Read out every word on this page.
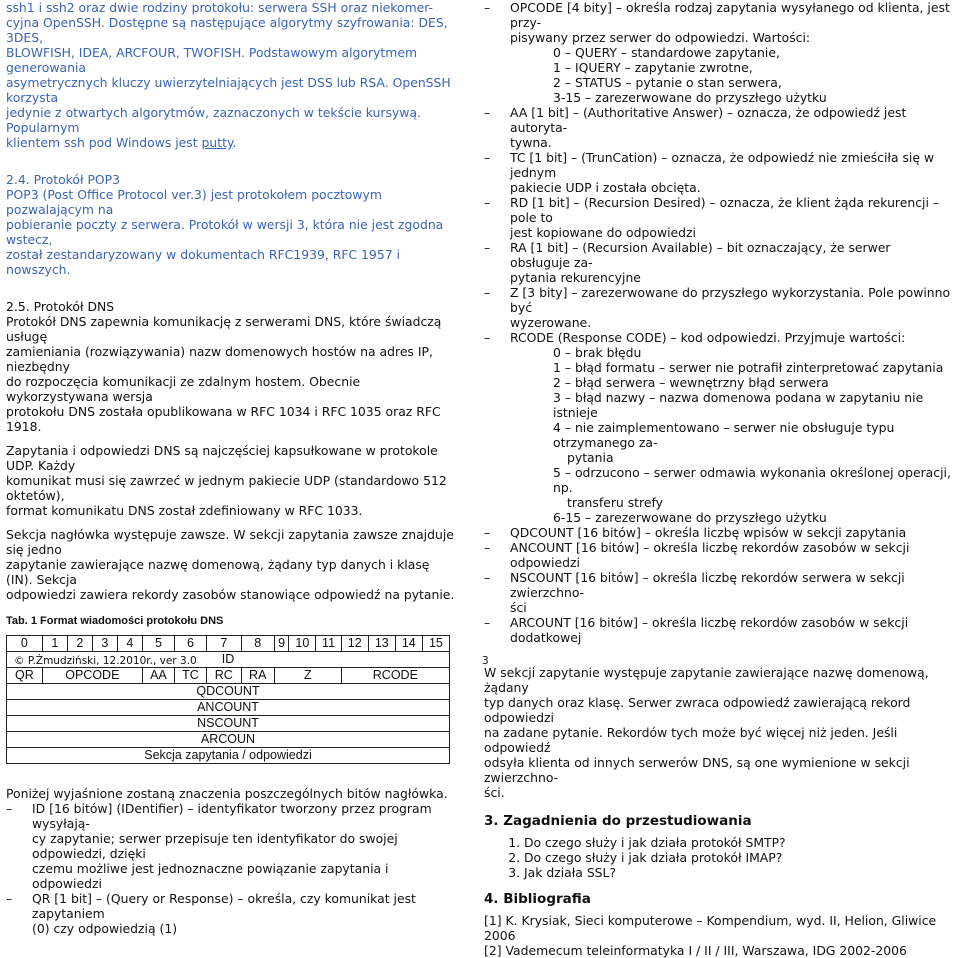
ssh1 i ssh2 oraz dwie rodziny protokołu: serwera SSH oraz niekomer-

cyjna OpenSSH. Dostępne są następujące algorytmy szyfrowania: DES, 3DES,

BLOWFISH, IDEA, ARCFOUR, TWOFISH. Podstawowym algorytmem generowania

asymetrycznych kluczy uwierzytelniających jest DSS lub RSA. OpenSSH korzysta

jedynie z otwartych algorytmów, zaznaczonych w tekście kursywą. Popularnym

klientem ssh pod Windows jest putty.

2.4. Protokół POP3

POP3 (Post Office Protocol ver.3) jest protokołem pocztowym pozwalającym na

pobieranie poczty z serwera. Protokół w wersji 3, która nie jest zgodna wstecz,

został zestandaryzowany w dokumentach RFC1939, RFC 1957 i nowszych.

2.5. Protokół DNS

Protokół DNS zapewnia komunikację z serwerami DNS, które świadczą usługę

zamieniania (rozwiązywania) nazw domenowych hostów na adres IP, niezbędny

do rozpoczęcia komunikacji ze zdalnym hostem. Obecnie wykorzystywana wersja

protokołu DNS została opublikowana w RFC 1034 i RFC 1035 oraz RFC 1918.

Zapytania i odpowiedzi DNS są najczęściej kapsułkowane w protokole UDP. Każdy

komunikat musi się zawrzeć w jednym pakiecie UDP (standardowo 512 oktetów),

format komunikatu DNS został zdefiniowany w RFC 1033.

Sekcja nagłówka występuje zawsze. W sekcji zapytania zawsze znajduje się jedno

zapytanie zawierające nazwę domenową, żądany typ danych i klasę (IN). Sekcja

odpowiedzi zawiera rekordy zasobów stanowiące odpowiedź na pytanie.

Tab. 1 Format wiadomości protokołu DNS
0	1	2	3	4	5	6	7	8	9	10	11	12	13	14	15
ID															
QR	OPCODE				AA	TC	RC	RA	Z			RCODE			
QDCOUNT															
ANCOUNT															
NSCOUNT															
ARCOUN															
Sekcja zapytania / odpowiedzi															

Poniżej wyjaśnione zostaną znaczenia poszczególnych bitów nagłówka.

– ID [16 bitów] (IDentifier) – identyfikator tworzony przez program wysyłają-

cy zapytanie; serwer przepisuje ten identyfikator do swojej odpowiedzi, dzięki

czemu możliwe jest jednoznaczne powiązanie zapytania i odpowiedzi

– QR [1 bit] – (Query or Response) – określa, czy komunikat jest zapytaniem

(0) czy odpowiedzią (1)

– OPCODE [4 bity] – określa rodzaj zapytania wysyłanego od klienta, jest przy-

pisywany przez serwer do odpowiedzi. Wartości:

0 – QUERY – standardowe zapytanie,

1 – IQUERY – zapytanie zwrotne,

2 – STATUS – pytanie o stan serwera,

3-15 – zarezerwowane do przyszłego użytku

– AA [1 bit] – (Authoritative Answer) – oznacza, że odpowiedź jest autoryta-

tywna.

– TC [1 bit] – (TrunCation) – oznacza, że odpowiedź nie zmieściła się w jednym

pakiecie UDP i została obcięta.

– RD [1 bit] – (Recursion Desired) – oznacza, że klient żąda rekurencji – pole to

jest kopiowane do odpowiedzi

– RA [1 bit] – (Recursion Available) – bit oznaczający, że serwer obsługuje za-

pytania rekurencyjne

– Z [3 bity] – zarezerwowane do przyszłego wykorzystania. Pole powinno być

wyzerowane.

– RCODE (Response CODE) – kod odpowiedzi. Przyjmuje wartości:

0 – brak błędu

1 – błąd formatu – serwer nie potrafił zinterpretować zapytania

2 – błąd serwera – wewnętrzny błąd serwera

3 – błąd nazwy – nazwa domenowa podana w zapytaniu nie istnieje

4 – nie zaimplementowano – serwer nie obsługuje typu otrzymanego za-

pytania

5 – odrzucono – serwer odmawia wykonania określonej operacji, np.

transferu strefy

6-15 – zarezerwowane do przyszłego użytku

– QDCOUNT [16 bitów] – określa liczbę wpisów w sekcji zapytania

– ANCOUNT [16 bitów] – określa liczbę rekordów zasobów w sekcji odpowiedzi

– NSCOUNT [16 bitów] – określa liczbę rekordów serwera w sekcji zwierzchno-

ści

– ARCOUNT [16 bitów] – określa liczbę rekordów zasobów w sekcji dodatkowej

W sekcji zapytanie występuje zapytanie zawierające nazwę domenową, żądany

typ danych oraz klasę. Serwer zwraca odpowiedź zawierającą rekord odpowiedzi

na zadane pytanie. Rekordów tych może być więcej niż jeden. Jeśli odpowiedź

odsyła klienta od innych serwerów DNS, są one wymienione w sekcji zwierzchno-

ści.

3. Zagadnienia do przestudiowania
1. Do czego służy i jak działa protokół SMTP?
2. Do czego służy i jak działa protokół IMAP?
3. Jak działa SSL?
4. Bibliografia

[1] K. Krysiak, Sieci komputerowe – Kompendium, wyd. II, Helion, Gliwice 2006

[2] Vademecum teleinformatyka I / II / III, Warszawa, IDG 2002-2006

© P.Żmudziński, 12.2010r., ver 3.0	3
